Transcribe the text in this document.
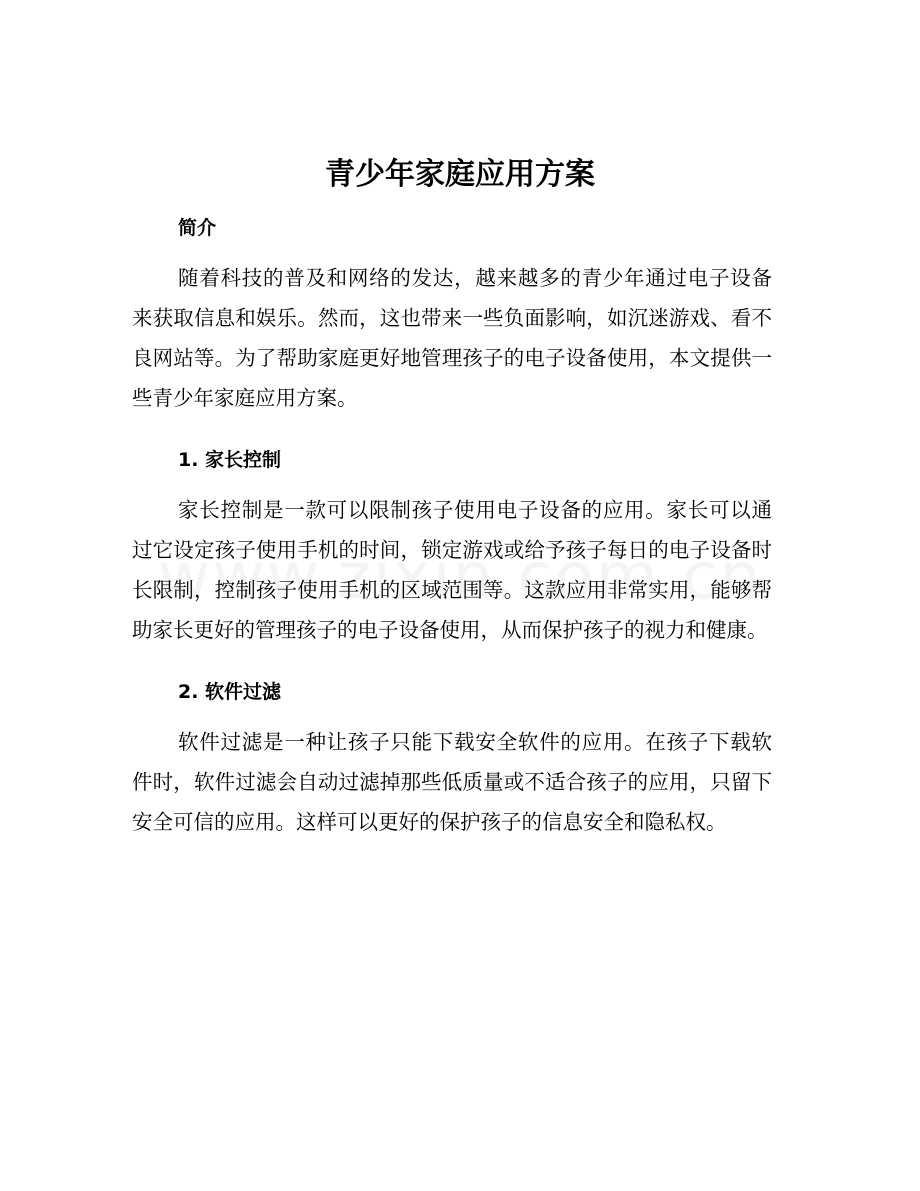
青少年家庭应用方案
简介

随着科技的普及和网络的发达，越来越多的青少年通过电子设备来获取信息和娱乐。然而，这也带来一些负面影响，如沉迷游戏、看不良网站等。为了帮助家庭更好地管理孩子的电子设备使用，本文提供一些青少年家庭应用方案。

1. 家长控制

家长控制是一款可以限制孩子使用电子设备的应用。家长可以通过它设定孩子使用手机的时间，锁定游戏或给予孩子每日的电子设备时长限制，控制孩子使用手机的区域范围等。这款应用非常实用，能够帮助家长更好的管理孩子的电子设备使用，从而保护孩子的视力和健康。

2. 软件过滤

软件过滤是一种让孩子只能下载安全软件的应用。在孩子下载软件时，软件过滤会自动过滤掉那些低质量或不适合孩子的应用，只留下安全可信的应用。这样可以更好的保护孩子的信息安全和隐私权。
